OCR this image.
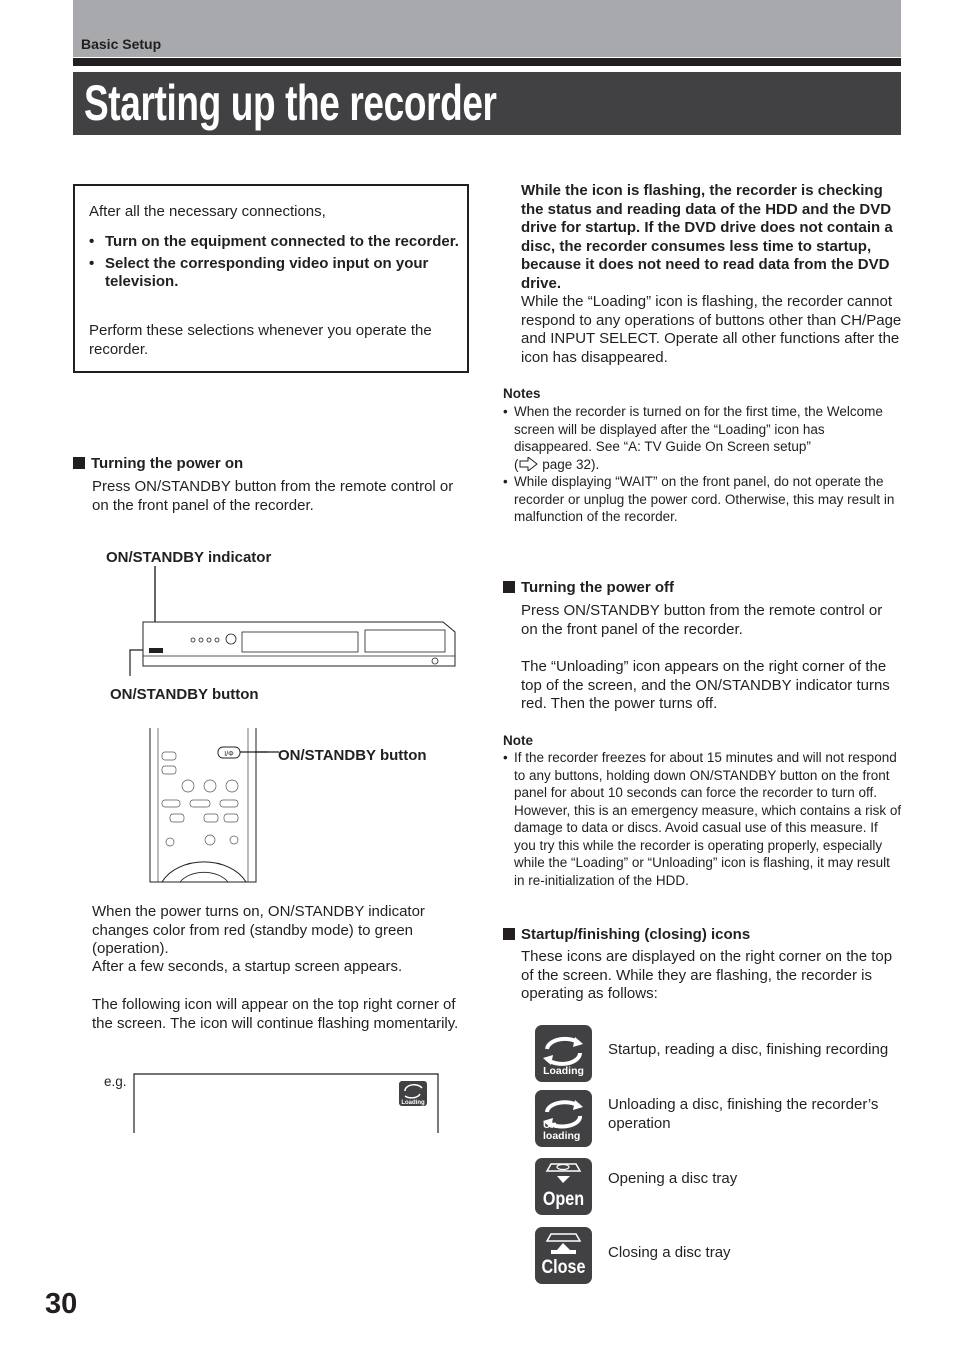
Basic Setup
Starting up the recorder
After all the necessary connections,
• Turn on the equipment connected to the recorder.
• Select the corresponding video input on your television.
Perform these selections whenever you operate the recorder.
Turning the power on
Press ON/STANDBY button from the remote control or on the front panel of the recorder.
ON/STANDBY indicator
ON/STANDBY button
I/Φ	ON/STANDBY button
When the power turns on, ON/STANDBY indicator changes color from red (standby mode) to green (operation).
After a few seconds, a startup screen appears.
The following icon will appear on the top right corner of the screen. The icon will continue flashing momentarily.
e.g.
Loading
While the icon is flashing, the recorder is checking the status and reading data of the HDD and the DVD drive for startup. If the DVD drive does not contain a disc, the recorder consumes less time to startup, because it does not need to read data from the DVD drive.
While the “Loading” icon is flashing, the recorder cannot respond to any operations of buttons other than CH/Page and INPUT SELECT. Operate all other functions after the icon has disappeared.
Notes
• When the recorder is turned on for the first time, the Welcome screen will be displayed after the “Loading” icon has disappeared. See “A: TV Guide On Screen setup”
( page 32).
• While displaying “WAIT” on the front panel, do not operate the recorder or unplug the power cord. Otherwise, this may result in malfunction of the recorder.
Turning the power off
Press ON/STANDBY button from the remote control or on the front panel of the recorder.
The “Unloading” icon appears on the right corner of the top of the screen, and the ON/STANDBY indicator turns red. Then the power turns off.
Note
• If the recorder freezes for about 15 minutes and will not respond to any buttons, holding down ON/STANDBY button on the front panel for about 10 seconds can force the recorder to turn off. However, this is an emergency measure, which contains a risk of damage to data or discs. Avoid casual use of this measure. If you try this while the recorder is operating properly, especially while the “Loading” or “Unloading” icon is flashing, it may result in re-initialization of the HDD.
Startup/finishing (closing) icons
These icons are displayed on the right corner on the top of the screen. While they are flashing, the recorder is operating as follows:
Loading
Startup, reading a disc, finishing recording
Un
loading
Unloading a disc, finishing the recorder’s operation
Open
Opening a disc tray
Close
Closing a disc tray
30
